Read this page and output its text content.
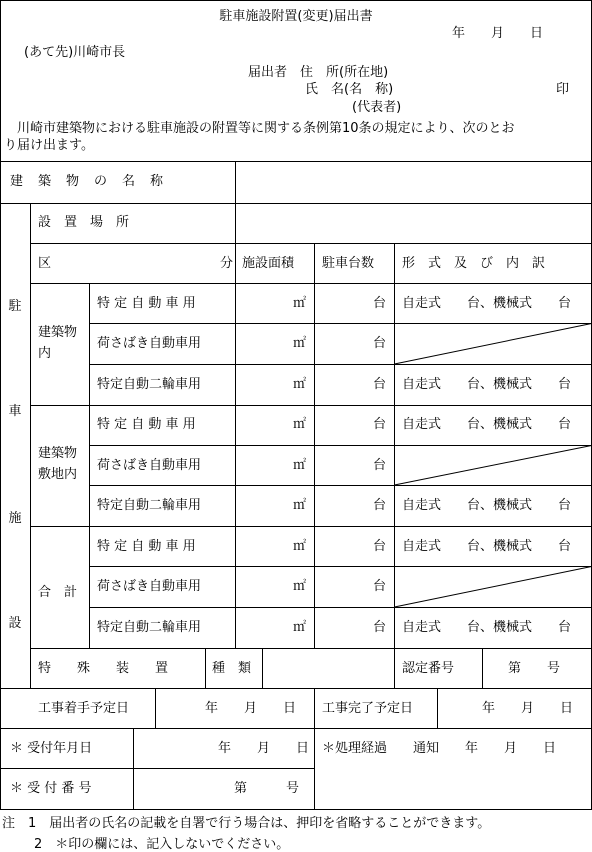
駐車施設附置(変更)届出書
年　　月　　日
(あて先)川崎市長
届出者　住　所(所在地)
氏　名(名　称)	印
(代表者)
　川崎市建築物における駐車施設の附置等に関する条例第10条の規定により、次のとお
り届け出ます。
建　築　物　の　名　称
駐
車
施
設
設　置　場　所
区　　　　　　　　　　　　　分 施設面積 駐車台数 形　式　及　び　内　訳
建築物内
特 定 自 動 車 用	㎡	台 自走式　　台、機械式　　台
荷さばき自動車用	㎡	台
特定自動二輪車用	㎡	台 自走式　　台、機械式　　台
建築物敷地内
特 定 自 動 車 用	㎡	台 自走式　　台、機械式　　台
荷さばき自動車用	㎡	台
特定自動二輪車用	㎡	台 自走式　　台、機械式　　台
合　計
特 定 自 動 車 用	㎡	台 自走式　　台、機械式　　台
荷さばき自動車用	㎡	台
特定自動二輪車用	㎡	台 自走式　　台、機械式　　台
特　　殊　　装　　置	種　類	認定番号	第　　号
工事着手予定日	年　　月　　日 工事完了予定日	年　　月　　日
＊ 受付年月日	年　　月　　日 ＊処理経過　　通知　　年　　月　　日
＊ 受 付 番 号	第　　　号
注　1　届出者の氏名の記載を自署で行う場合は、押印を省略することができます。
2　＊印の欄には、記入しないでください。
